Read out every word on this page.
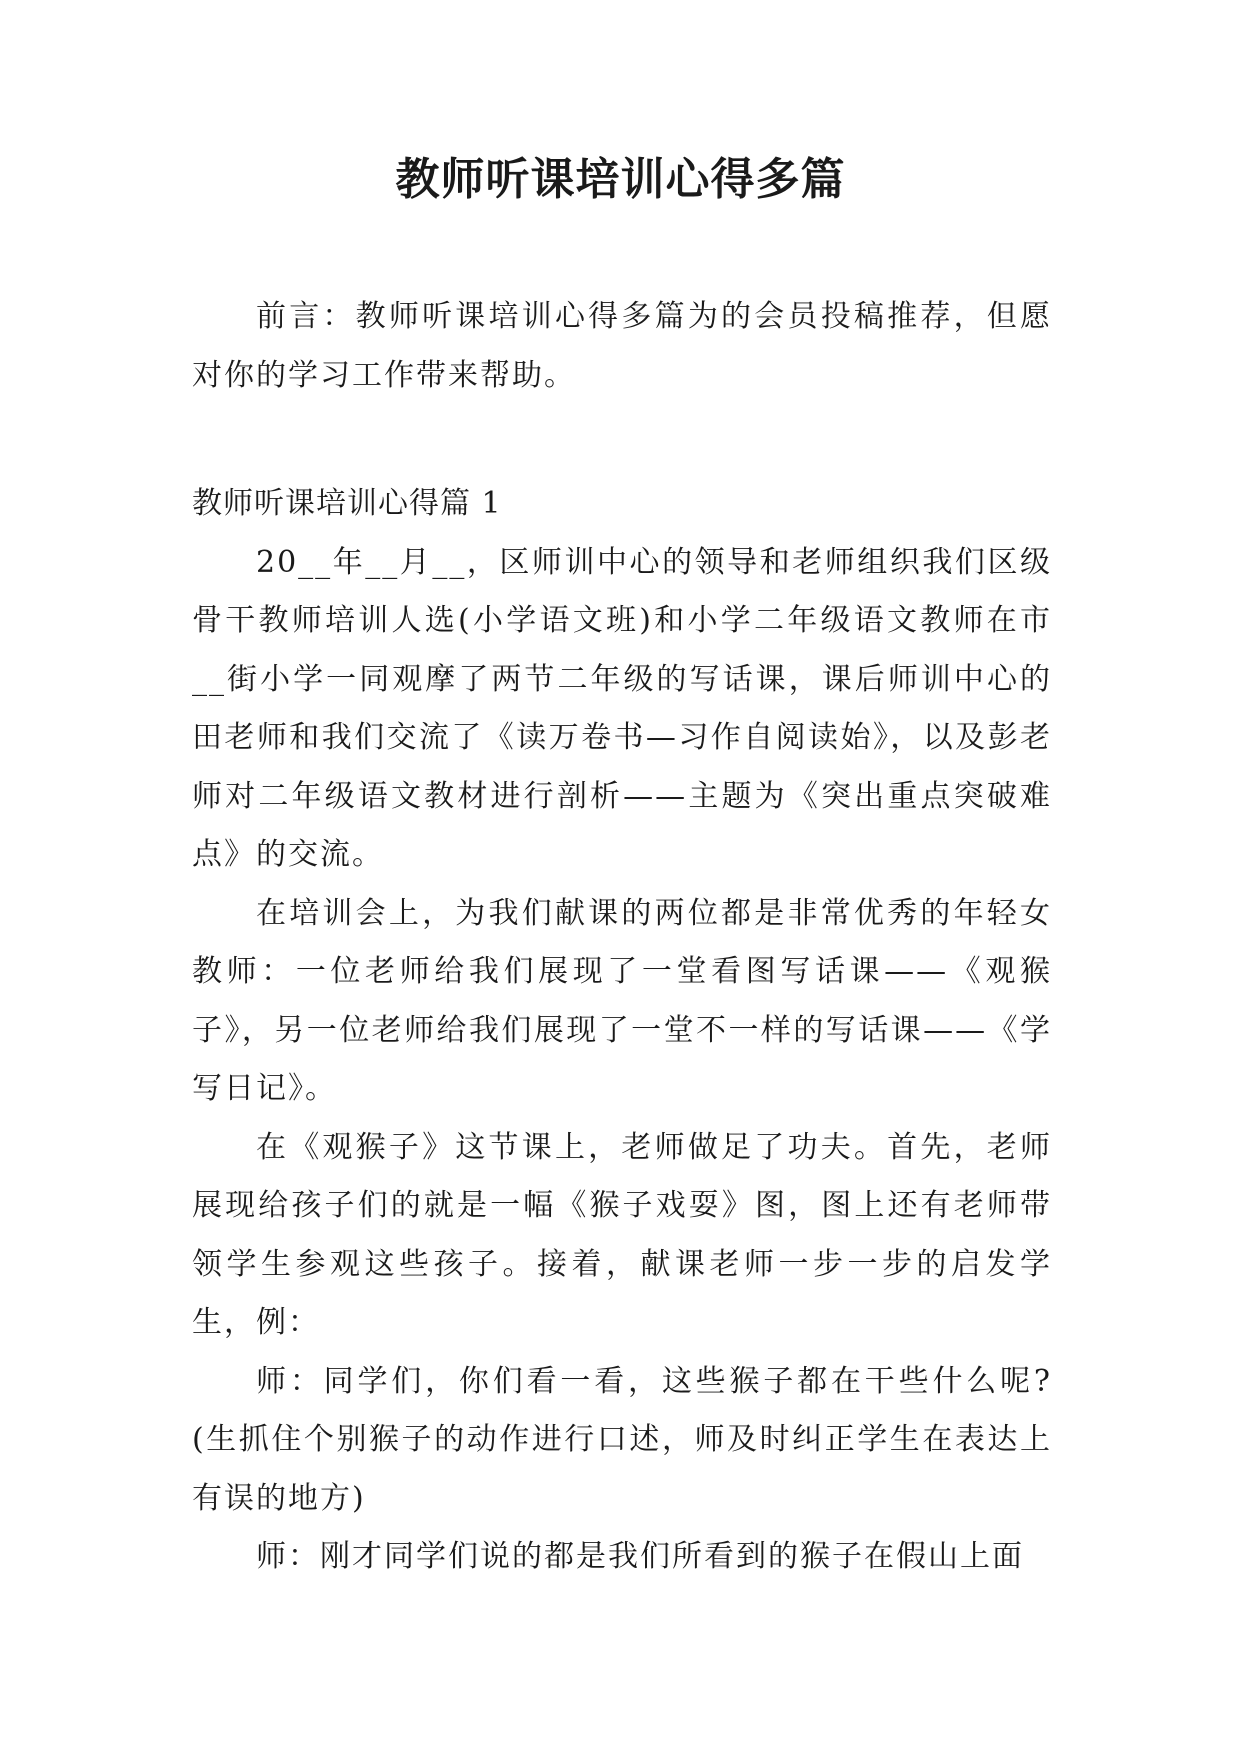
教师听课培训心得多篇

前言：教师听课培训心得多篇为的会员投稿推荐，但愿对你的学习工作带来帮助。

教师听课培训心得篇 1

20__年__月__，区师训中心的领导和老师组织我们区级骨干教师培训人选(小学语文班)和小学二年级语文教师在市__街小学一同观摩了两节二年级的写话课，课后师训中心的田老师和我们交流了《读万卷书—习作自阅读始》，以及彭老师对二年级语文教材进行剖析——主题为《突出重点突破难点》的交流。

在培训会上，为我们献课的两位都是非常优秀的年轻女教师：一位老师给我们展现了一堂看图写话课——《观猴子》，另一位老师给我们展现了一堂不一样的写话课——《学写日记》。

在《观猴子》这节课上，老师做足了功夫。首先，老师展现给孩子们的就是一幅《猴子戏耍》图，图上还有老师带领学生参观这些孩子。接着，献课老师一步一步的启发学生，例：

师：同学们，你们看一看，这些猴子都在干些什么呢?(生抓住个别猴子的动作进行口述，师及时纠正学生在表达上有误的地方)

师：刚才同学们说的都是我们所看到的猴子在假山上面
